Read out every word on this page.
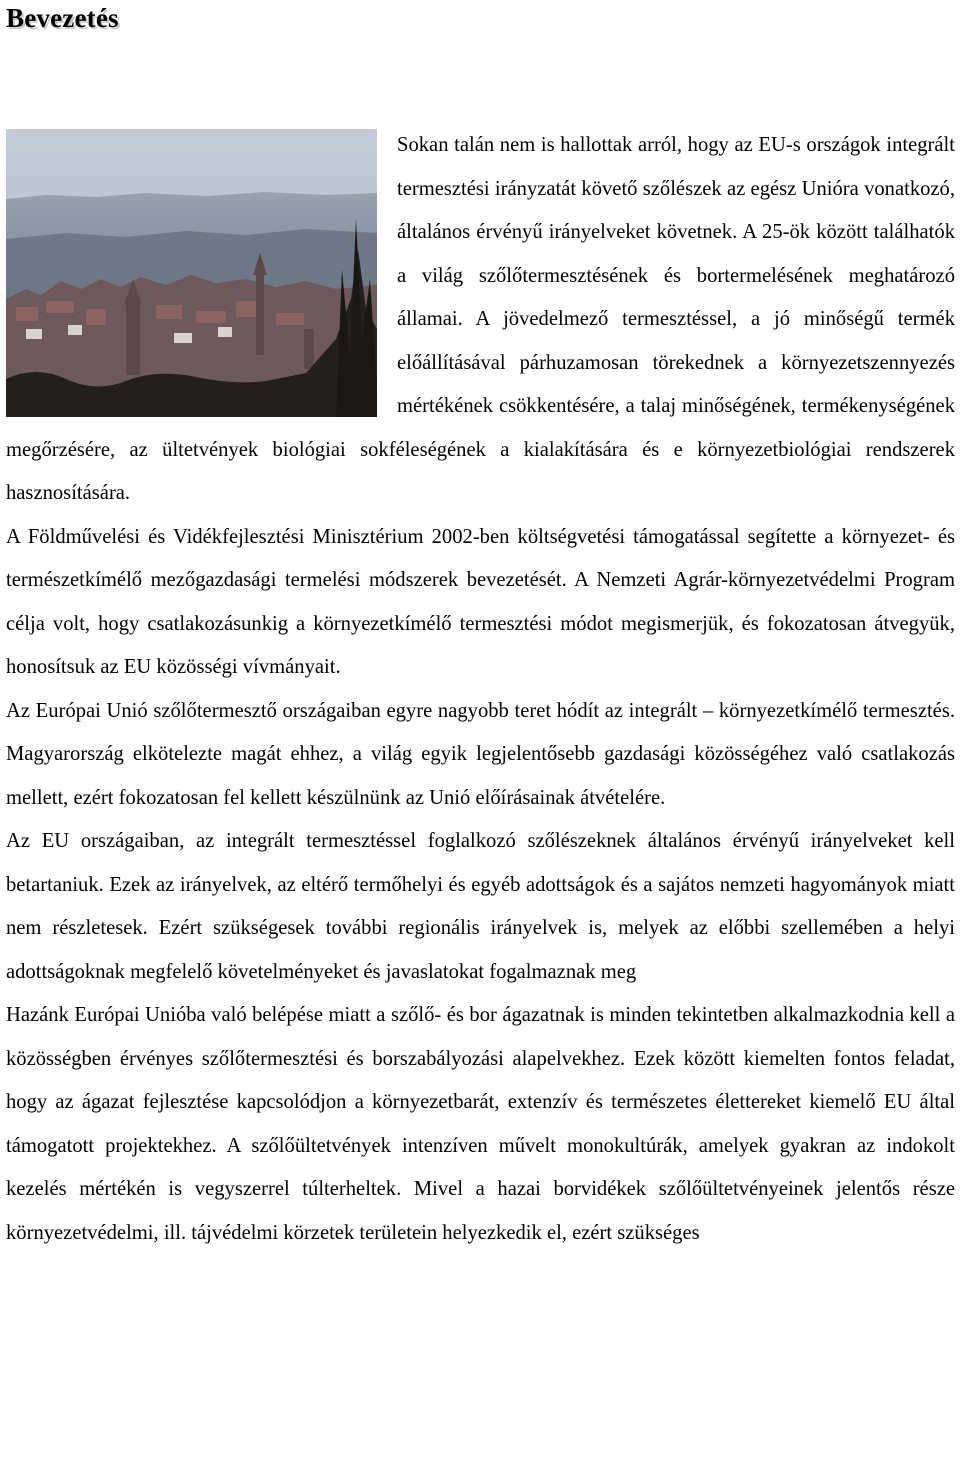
Bevezetés

Sokan talán nem is hallottak arról, hogy az EU-s országok integrált termesztési irányzatát követő szőlészek az egész Unióra vonatkozó, általános érvényű irányelveket követnek. A 25-ök között találhatók a világ szőlőtermesztésének és bortermelésének meghatározó államai. A jövedelmező termesztéssel, a jó minőségű termék előállításával párhuzamosan törekednek a környezetszennyezés mértékének csökkentésére, a talaj minőségének, termékenységének megőrzésére, az ültetvények biológiai sokféleségének a kialakítására és e környezetbiológiai rendszerek hasznosítására.

A Földművelési és Vidékfejlesztési Minisztérium 2002-ben költségvetési támogatással segítette a környezet- és természetkímélő mezőgazdasági termelési módszerek bevezetését. A Nemzeti Agrár-környezetvédelmi Program célja volt, hogy csatlakozásunkig a környezetkímélő termesztési módot megismerjük, és fokozatosan átvegyük, honosítsuk az EU közösségi vívmányait.

Az Európai Unió szőlőtermesztő országaiban egyre nagyobb teret hódít az integrált – környezetkímélő termesztés. Magyarország elkötelezte magát ehhez, a világ egyik legjelentősebb gazdasági közösségéhez való csatlakozás mellett, ezért fokozatosan fel kellett készülnünk az Unió előírásainak átvételére.

Az EU országaiban, az integrált termesztéssel foglalkozó szőlészeknek általános érvényű irányelveket kell betartaniuk. Ezek az irányelvek, az eltérő termőhelyi és egyéb adottságok és a sajátos nemzeti hagyományok miatt nem részletesek. Ezért szükségesek további regionális irányelvek is, melyek az előbbi szellemében a helyi adottságoknak megfelelő követelményeket és javaslatokat fogalmaznak meg

Hazánk Európai Unióba való belépése miatt a szőlő- és bor ágazatnak is minden tekintetben alkalmazkodnia kell a közösségben érvényes szőlőtermesztési és borszabályozási alapelvekhez. Ezek között kiemelten fontos feladat, hogy az ágazat fejlesztése kapcsolódjon a környezetbarát, extenzív és természetes élettereket kiemelő EU által támogatott projektekhez. A szőlőültetvények intenzíven művelt monokultúrák, amelyek gyakran az indokolt kezelés mértékén is vegyszerrel túlterheltek. Mivel a hazai borvidékek szőlőültetvényeinek jelentős része környezetvédelmi, ill. tájvédelmi körzetek területein helyezkedik el, ezért szükséges
